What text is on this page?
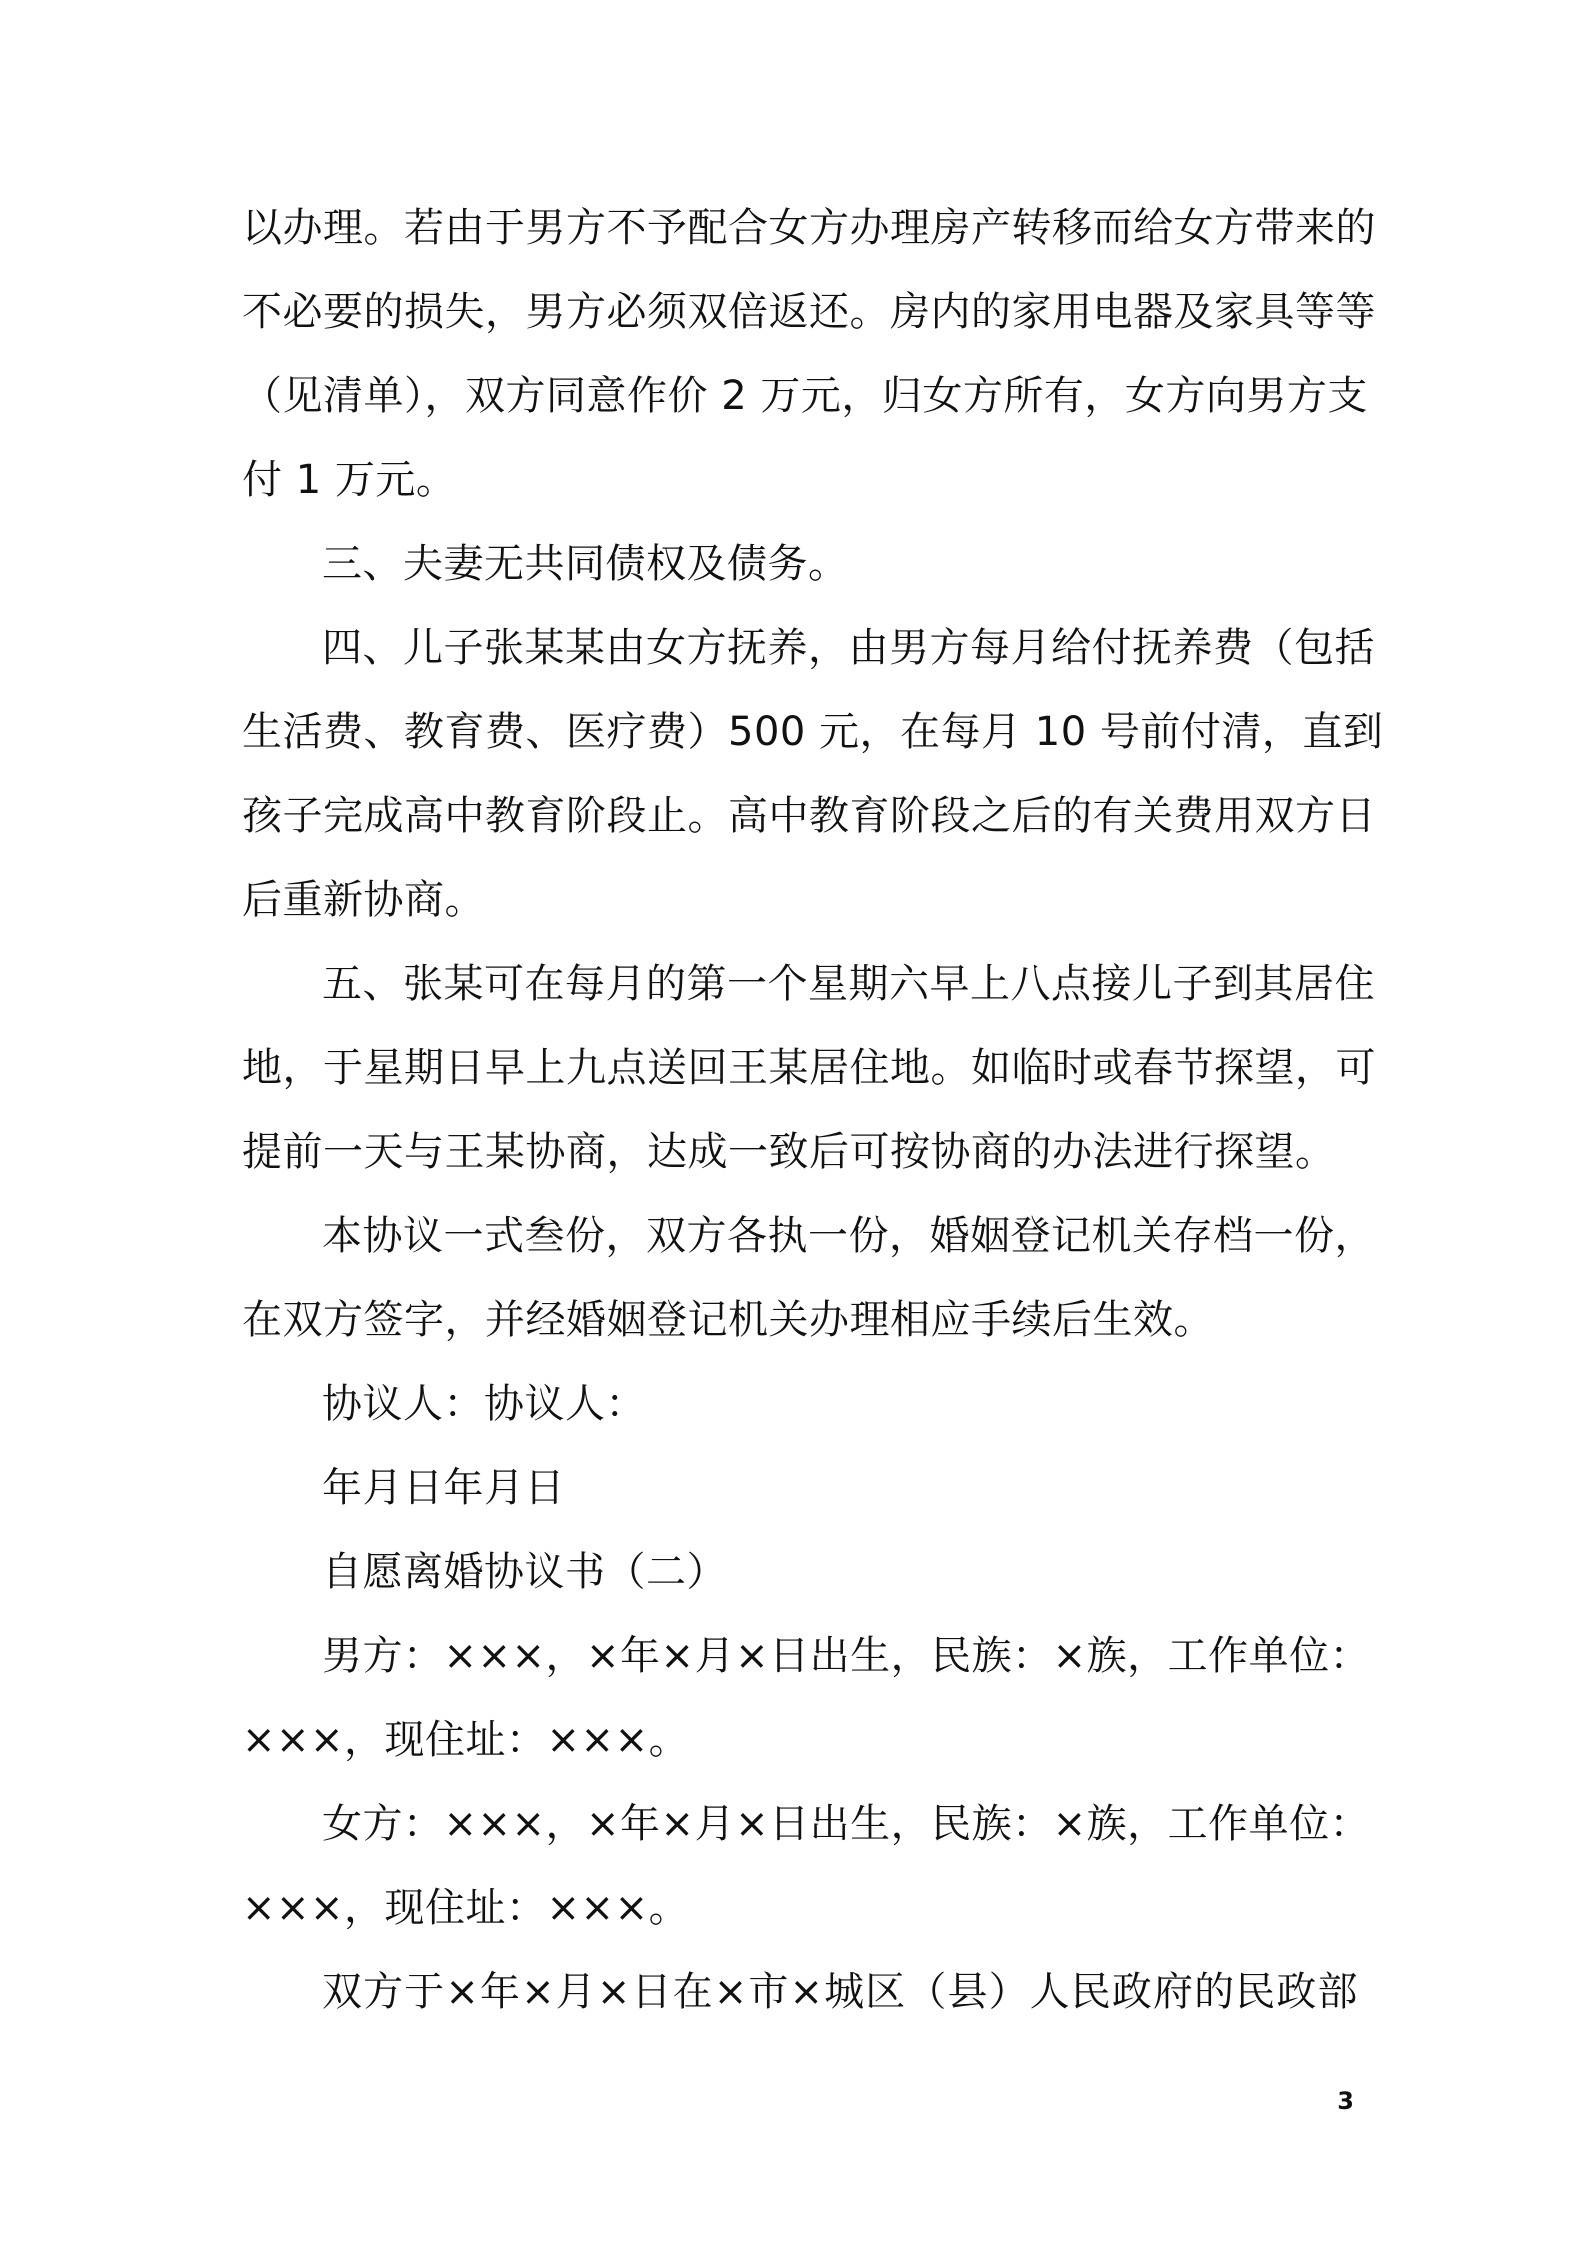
以办理。若由于男方不予配合女方办理房产转移而给女方带来的
不必要的损失，男方必须双倍返还。房内的家用电器及家具等等
（见清单），双方同意作价 2 万元，归女方所有，女方向男方支
付 1 万元。
三、夫妻无共同债权及债务。
四、儿子张某某由女方抚养，由男方每月给付抚养费（包括
生活费、教育费、医疗费）500 元，在每月 10 号前付清，直到
孩子完成高中教育阶段止。高中教育阶段之后的有关费用双方日
后重新协商。
五、张某可在每月的第一个星期六早上八点接儿子到其居住
地，于星期日早上九点送回王某居住地。如临时或春节探望，可
提前一天与王某协商，达成一致后可按协商的办法进行探望。
本协议一式叁份，双方各执一份，婚姻登记机关存档一份，
在双方签字，并经婚姻登记机关办理相应手续后生效。
协议人：协议人：
年月日年月日
自愿离婚协议书（二）
男方：×××，×年×月×日出生，民族：×族，工作单位：
×××，现住址：×××。
女方：×××，×年×月×日出生，民族：×族，工作单位：
×××，现住址：×××。
双方于×年×月×日在×市×城区（县）人民政府的民政部
3
